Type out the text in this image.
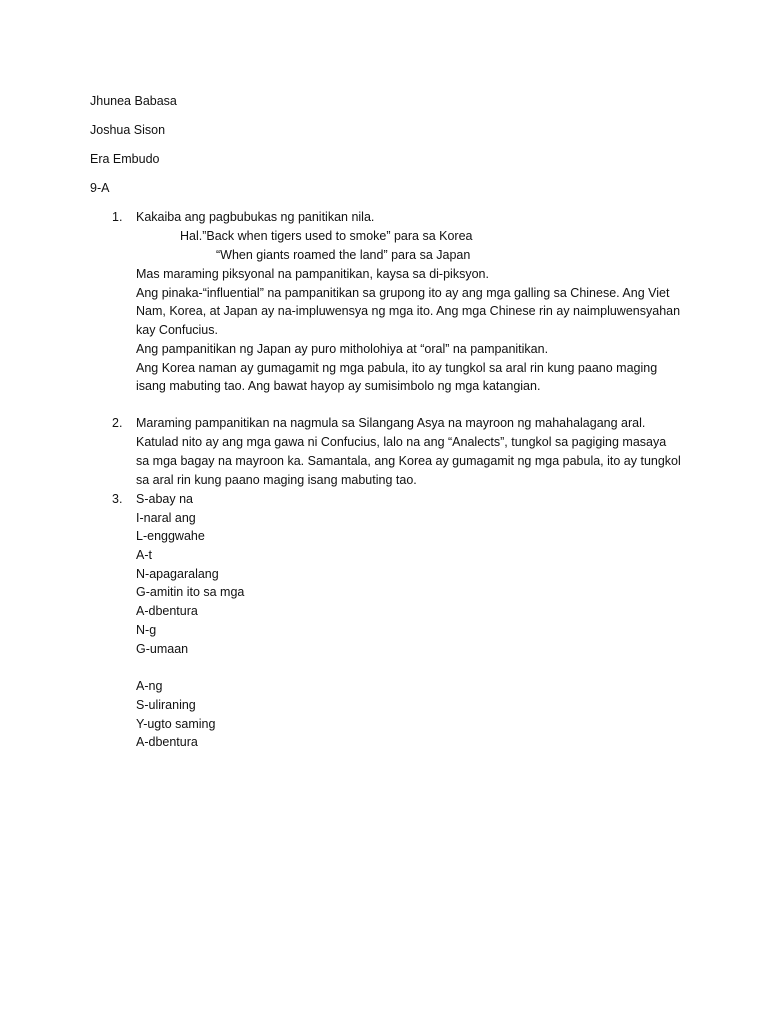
Jhunea Babasa
Joshua Sison
Era Embudo
9-A
1. Kakaiba ang pagbubukas ng panitikan nila.
Hal.”Back when tigers used to smoke” para sa Korea
“When giants roamed the land” para sa Japan
Mas maraming piksyonal na pampanitikan, kaysa sa di-piksyon.
Ang pinaka-“influential” na pampanitikan sa grupong ito ay ang mga galling sa Chinese. Ang Viet
Nam, Korea, at Japan ay na-impluwensya ng mga ito. Ang mga Chinese rin ay naimpluwensyahan
kay Confucius.
Ang pampanitikan ng Japan ay puro mitholohiya at “oral” na pampanitikan.
Ang Korea naman ay gumagamit ng mga pabula, ito ay tungkol sa aral rin kung paano maging
isang mabuting tao. Ang bawat hayop ay sumisimbolo ng mga katangian.
2. Maraming pampanitikan na nagmula sa Silangang Asya na mayroon ng mahahalagang aral.
Katulad nito ay ang mga gawa ni Confucius, lalo na ang “Analects”, tungkol sa pagiging masaya
sa mga bagay na mayroon ka. Samantala, ang Korea ay gumagamit ng mga pabula, ito ay tungkol
sa aral rin kung paano maging isang mabuting tao.
3. S-abay na
I-naral ang
L-enggwahe
A-t
N-apagaralang
G-amitin ito sa mga
A-dbentura
N-g
G-umaan
A-ng
S-uliraning
Y-ugto saming
A-dbentura
